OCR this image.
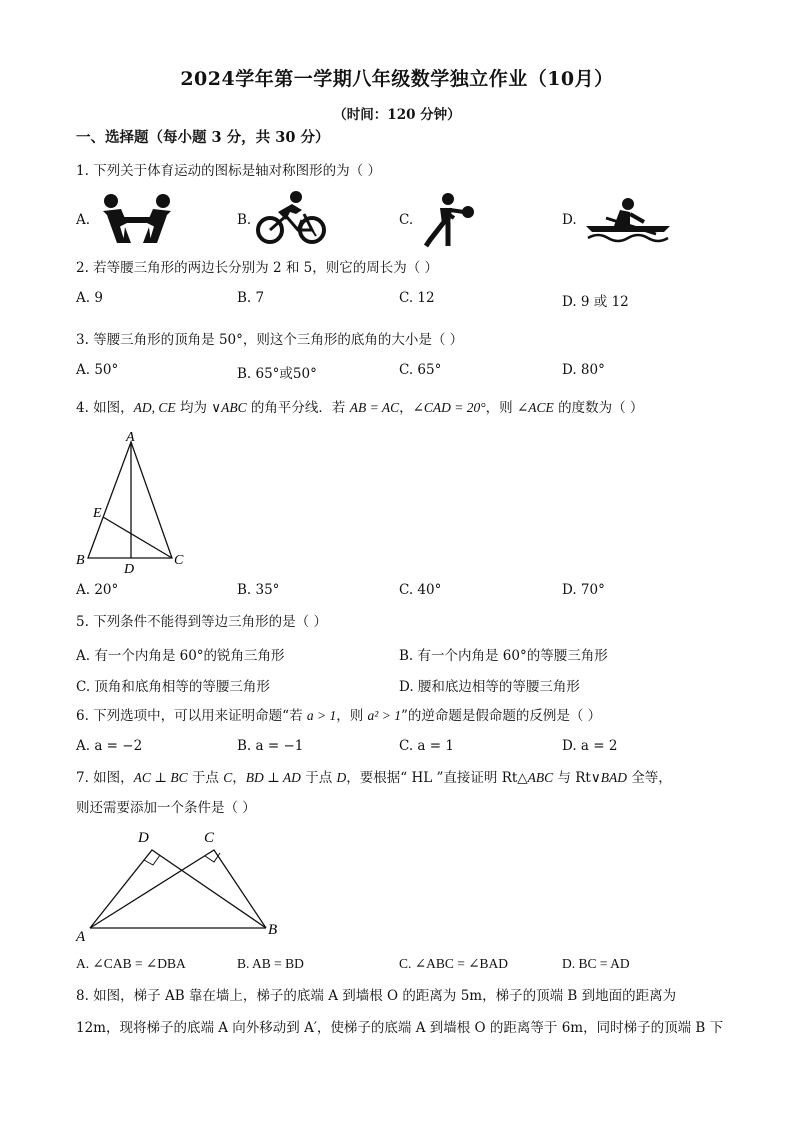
2024学年第一学期八年级数学独立作业（10月）
（时间：120 分钟）
一、选择题（每小题 3 分，共 30 分）
1. 下列关于体育运动的图标是轴对称图形的为（ ）
A.	B.	C.	D.
2. 若等腰三角形的两边长分别为 2 和 5，则它的周长为（ ）
A. 9	B. 7	C. 12	D. 9 或 12
3. 等腰三角形的顶角是 50°，则这个三角形的底角的大小是（ ）
A. 50°	B. 65°或50°	C. 65°	D. 80°
4. 如图，AD, CE 均为 ∨ABC 的角平分线．若 AB = AC，∠CAD = 20°，则 ∠ACE 的度数为（ ）
A
B	C
D
E
A. 20°	B. 35°	C. 40°	D. 70°
5. 下列条件不能得到等边三角形的是（ ）
A. 有一个内角是 60°的锐角三角形	B. 有一个内角是 60°的等腰三角形
C. 顶角和底角相等的等腰三角形	D. 腰和底边相等的等腰三角形
6. 下列选项中，可以用来证明命题“若 a > 1，则 a² > 1”的逆命题是假命题的反例是（ ）
A. a = −2	B. a = −1	C. a = 1	D. a = 2
7. 如图，AC ⊥ BC 于点 C，BD ⊥ AD 于点 D，要根据“ HL ”直接证明 Rt△ABC 与 Rt∨BAD 全等，
则还需要添加一个条件是（ ）
D	C
A	B
A. ∠CAB = ∠DBA	B. AB = BD	C. ∠ABC = ∠BAD	D. BC = AD
8. 如图，梯子 AB 靠在墙上，梯子的底端 A 到墙根 O 的距离为 5m，梯子的顶端 B 到地面的距离为
12m，现将梯子的底端 A 向外移动到 A′，使梯子的底端 A 到墙根 O 的距离等于 6m，同时梯子的顶端 B 下
